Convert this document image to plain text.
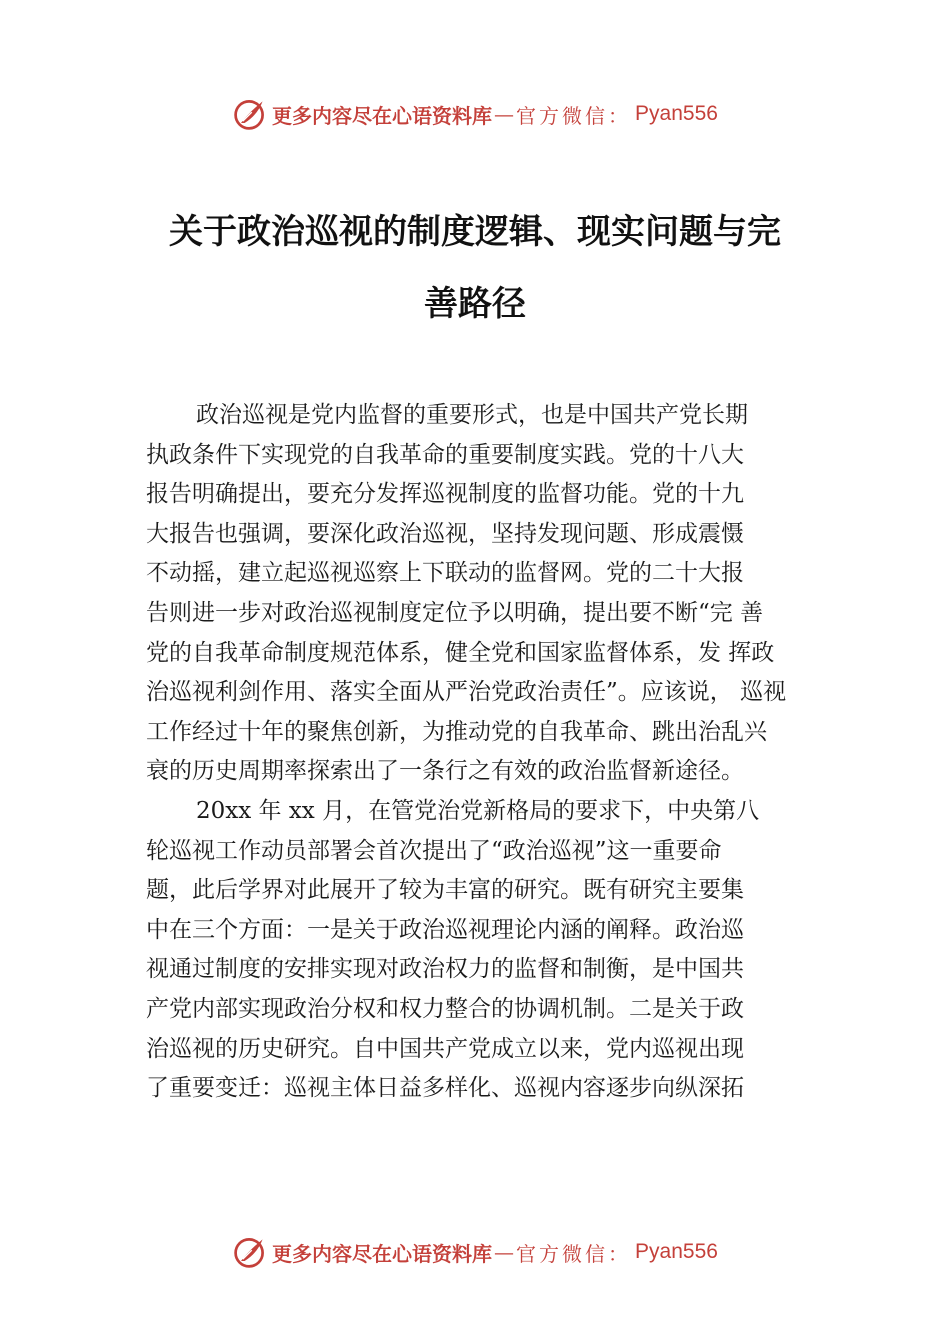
更多内容尽在心语资料库 — 官方微信： Pyan556
关于政治巡视的制度逻辑、现实问题与完
善路径
政治巡视是党内监督的重要形式，也是中国共产党长期
执政条件下实现党的自我革命的重要制度实践。党的十八大
报告明确提出，要充分发挥巡视制度的监督功能。党的十九
大报告也强调，要深化政治巡视，坚持发现问题、形成震慑
不动摇，建立起巡视巡察上下联动的监督网。党的二十大报
告则进一步对政治巡视制度定位予以明确，提出要不断“完 善
党的自我革命制度规范体系，健全党和国家监督体系，发 挥政
治巡视利剑作用、落实全面从严治党政治责任”。应该说， 巡视
工作经过十年的聚焦创新，为推动党的自我革命、跳出治乱兴
衰的历史周期率探索出了一条行之有效的政治监督新途径。
20xx 年 xx 月，在管党治党新格局的要求下，中央第八
轮巡视工作动员部署会首次提出了“政治巡视”这一重要命
题，此后学界对此展开了较为丰富的研究。既有研究主要集
中在三个方面：一是关于政治巡视理论内涵的阐释。政治巡
视通过制度的安排实现对政治权力的监督和制衡，是中国共
产党内部实现政治分权和权力整合的协调机制。二是关于政
治巡视的历史研究。自中国共产党成立以来，党内巡视出现
了重要变迁：巡视主体日益多样化、巡视内容逐步向纵深拓
更多内容尽在心语资料库 — 官方微信： Pyan556
